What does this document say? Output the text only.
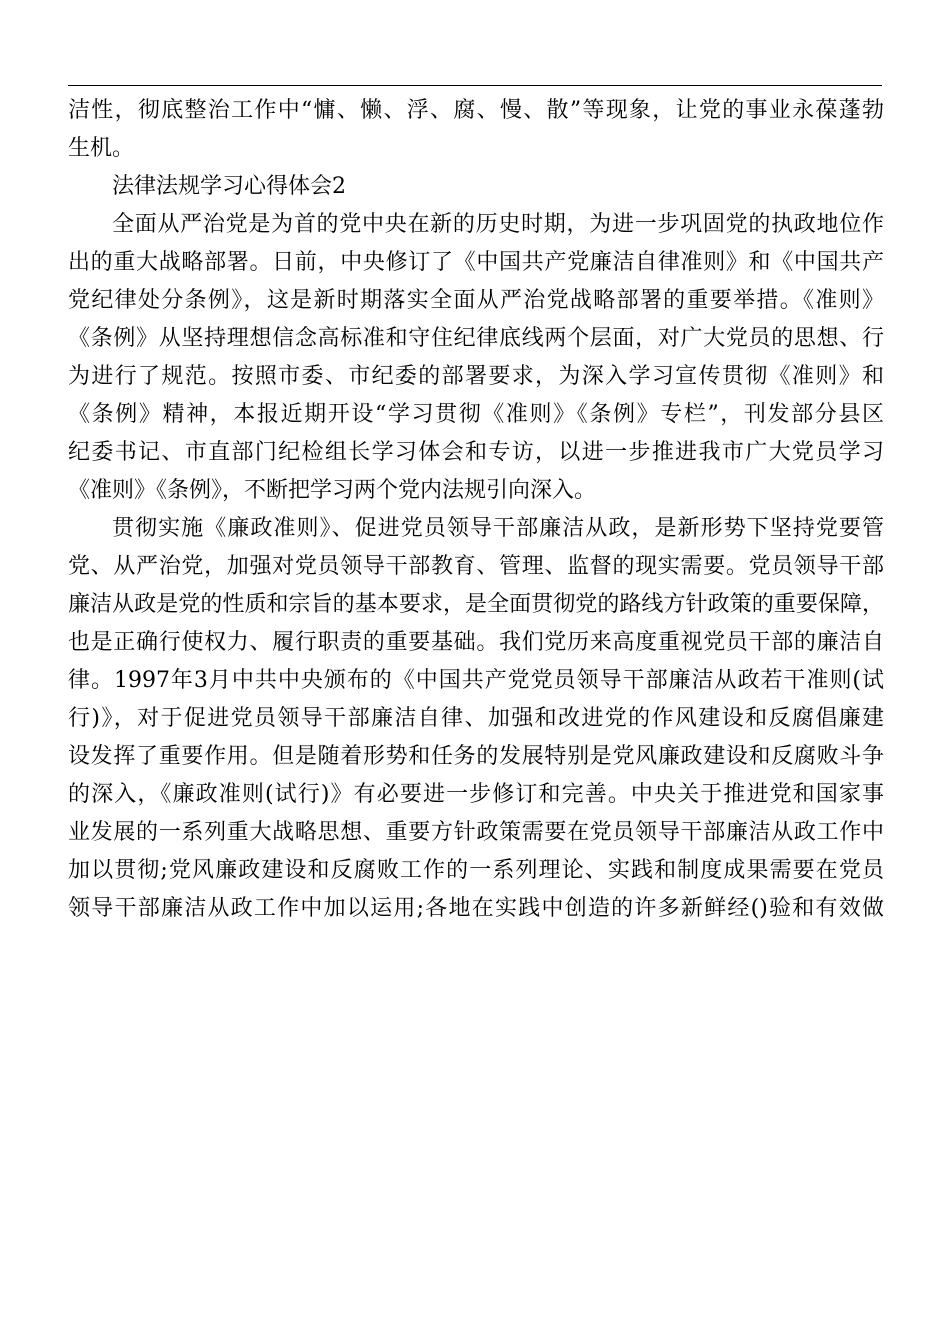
洁性，彻底整治工作中“慵、懒、浮、腐、慢、散”等现象，让党的事业永葆蓬勃
生机。
法律法规学习心得体会2
全面从严治党是为首的党中央在新的历史时期，为进一步巩固党的执政地位作
出的重大战略部署。日前，中央修订了《中国共产党廉洁自律准则》和《中国共产
党纪律处分条例》，这是新时期落实全面从严治党战略部署的重要举措。《准则》
《条例》从坚持理想信念高标准和守住纪律底线两个层面，对广大党员的思想、行
为进行了规范。按照市委、市纪委的部署要求，为深入学习宣传贯彻《准则》和
《条例》精神，本报近期开设“学习贯彻《准则》《条例》专栏”，刊发部分县区
纪委书记、市直部门纪检组长学习体会和专访，以进一步推进我市广大党员学习
《准则》《条例》，不断把学习两个党内法规引向深入。
贯彻实施《廉政准则》、促进党员领导干部廉洁从政，是新形势下坚持党要管
党、从严治党，加强对党员领导干部教育、管理、监督的现实需要。党员领导干部
廉洁从政是党的性质和宗旨的基本要求，是全面贯彻党的路线方针政策的重要保障，
也是正确行使权力、履行职责的重要基础。我们党历来高度重视党员干部的廉洁自
律。1997年3月中共中央颁布的《中国共产党党员领导干部廉洁从政若干准则(试
行)》，对于促进党员领导干部廉洁自律、加强和改进党的作风建设和反腐倡廉建
设发挥了重要作用。但是随着形势和任务的发展特别是党风廉政建设和反腐败斗争
的深入，《廉政准则(试行)》有必要进一步修订和完善。中央关于推进党和国家事
业发展的一系列重大战略思想、重要方针政策需要在党员领导干部廉洁从政工作中
加以贯彻;党风廉政建设和反腐败工作的一系列理论、实践和制度成果需要在党员
领导干部廉洁从政工作中加以运用;各地在实践中创造的许多新鲜经()验和有效做
